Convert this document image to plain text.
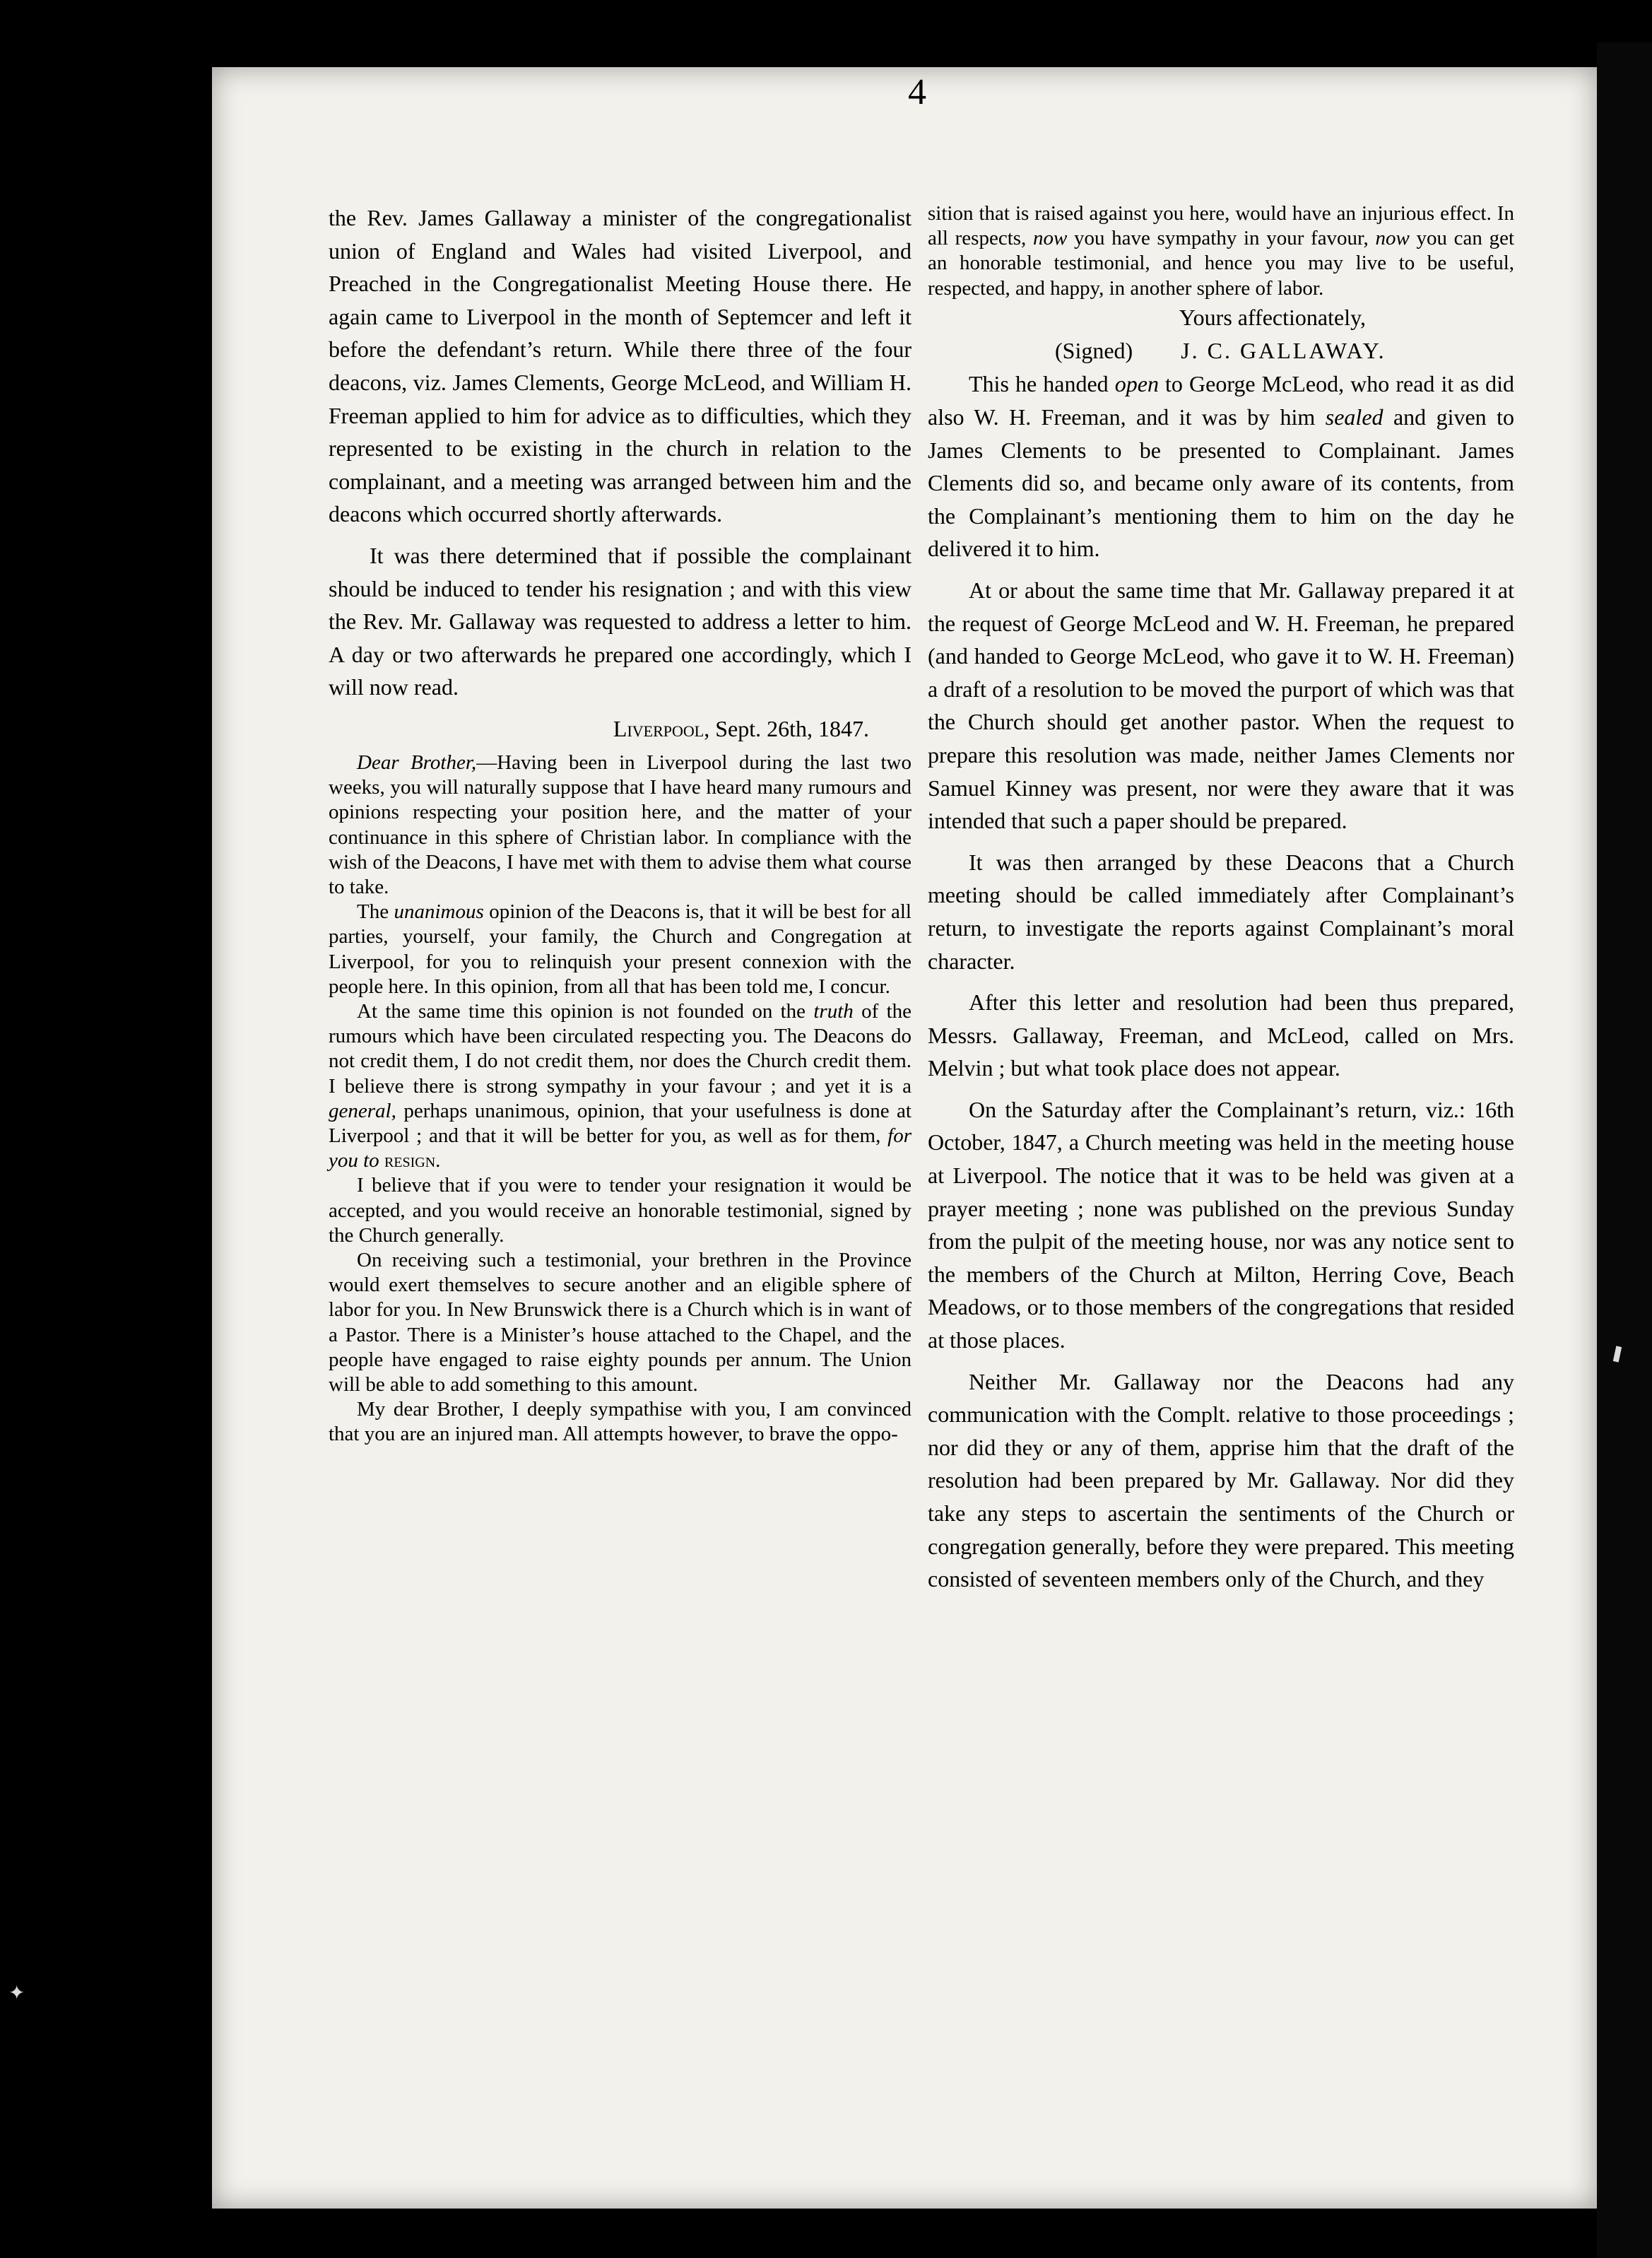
✦
4

the Rev. James Gallaway a minister of the congregationalist union of England and Wales had visited Liverpool, and Preached in the Congregationalist Meeting House there. He again came to Liverpool in the month of Septemcer and left it before the defendant’s return. While there three of the four deacons, viz. James Clements, George McLeod, and William H. Freeman applied to him for advice as to difficulties, which they represented to be existing in the church in relation to the complainant, and a meeting was arranged between him and the deacons which occurred shortly afterwards.

It was there determined that if possible the complainant should be induced to tender his resignation ; and with this view the Rev. Mr. Gallaway was requested to address a letter to him. A day or two afterwards he prepared one accordingly, which I will now read.

Liverpool, Sept. 26th, 1847.

Dear Brother,—Having been in Liverpool during the last two weeks, you will naturally suppose that I have heard many rumours and opinions respecting your position here, and the matter of your continuance in this sphere of Christian labor. In compliance with the wish of the Deacons, I have met with them to advise them what course to take.

The unanimous opinion of the Deacons is, that it will be best for all parties, yourself, your family, the Church and Congregation at Liverpool, for you to relinquish your present connexion with the people here. In this opinion, from all that has been told me, I concur.

At the same time this opinion is not founded on the truth of the rumours which have been circulated respecting you. The Deacons do not credit them, I do not credit them, nor does the Church credit them. I believe there is strong sympathy in your favour ; and yet it is a general, perhaps unanimous, opinion, that your usefulness is done at Liverpool ; and that it will be better for you, as well as for them, for you to resign.

I believe that if you were to tender your resignation it would be accepted, and you would receive an honorable testimonial, signed by the Church generally.

On receiving such a testimonial, your brethren in the Province would exert themselves to secure another and an eligible sphere of labor for you. In New Brunswick there is a Church which is in want of a Pastor. There is a Minister’s house attached to the Chapel, and the people have engaged to raise eighty pounds per annum. The Union will be able to add something to this amount.

My dear Brother, I deeply sympathise with you, I am convinced that you are an injured man. All attempts however, to brave the oppo-

sition that is raised against you here, would have an injurious effect. In all respects, now you have sympathy in your favour, now you can get an honorable testimonial, and hence you may live to be useful, respected, and happy, in another sphere of labor.

Yours affectionately,
(Signed) J. C. GALLAWAY.

This he handed open to George McLeod, who read it as did also W. H. Freeman, and it was by him sealed and given to James Clements to be presented to Complainant. James Clements did so, and became only aware of its contents, from the Complainant’s mentioning them to him on the day he delivered it to him.

At or about the same time that Mr. Gallaway prepared it at the request of George McLeod and W. H. Freeman, he prepared (and handed to George McLeod, who gave it to W. H. Freeman) a draft of a resolution to be moved the purport of which was that the Church should get another pastor. When the request to prepare this resolution was made, neither James Clements nor Samuel Kinney was present, nor were they aware that it was intended that such a paper should be prepared.

It was then arranged by these Deacons that a Church meeting should be called immediately after Complainant’s return, to investigate the reports against Complainant’s moral character.

After this letter and resolution had been thus prepared, Messrs. Gallaway, Freeman, and McLeod, called on Mrs. Melvin ; but what took place does not appear.

On the Saturday after the Complainant’s return, viz.: 16th October, 1847, a Church meeting was held in the meeting house at Liverpool. The notice that it was to be held was given at a prayer meeting ; none was published on the previous Sunday from the pulpit of the meeting house, nor was any notice sent to the members of the Church at Milton, Herring Cove, Beach Meadows, or to those members of the congregations that resided at those places.

Neither Mr. Gallaway nor the Deacons had any communication with the Complt. relative to those proceedings ; nor did they or any of them, apprise him that the draft of the resolution had been prepared by Mr. Gallaway. Nor did they take any steps to ascertain the sentiments of the Church or congregation generally, before they were prepared. This meeting consisted of seventeen members only of the Church, and they
